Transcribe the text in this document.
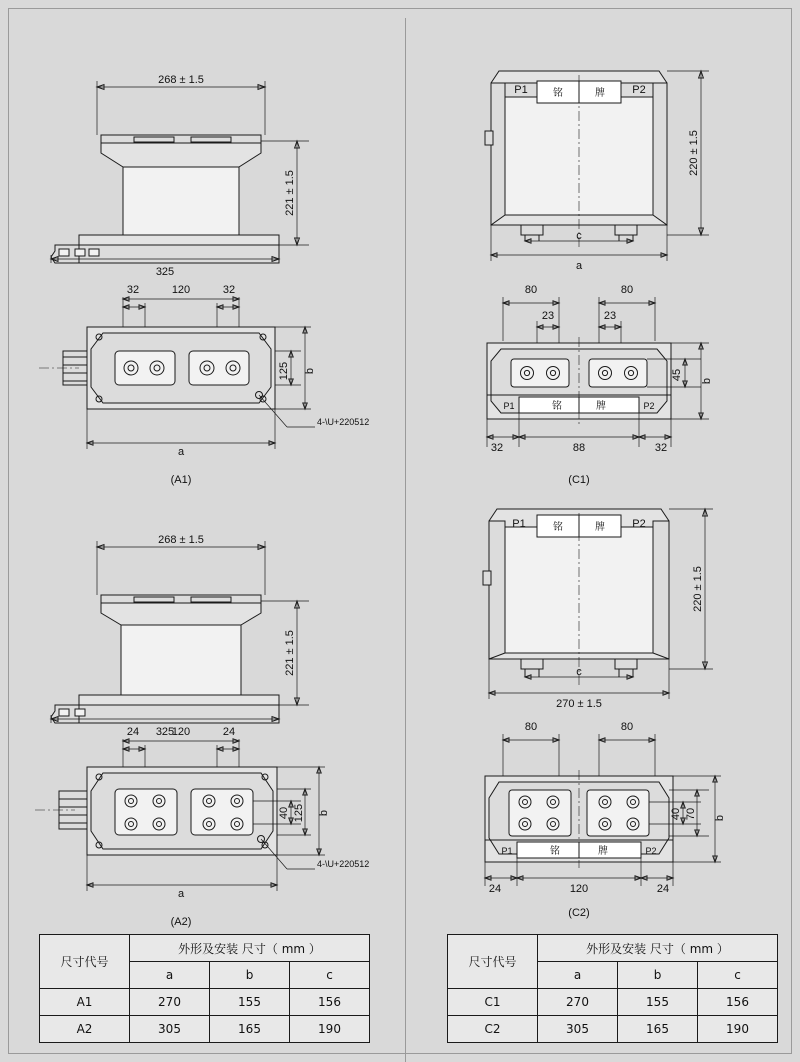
268 ± 1.5
221 ± 1.5
325
32	120	32
125 b
a
4-\U+220512
(A1)
P1	P2
铭	牌
220 ± 1.5
c
a
80	80
23	23
P1	P2
铭	牌
45 b
32	88	32
(C1)
268 ± 1.5
221 ± 1.5
325
24	120	24
40 125 b
a
4-\U+220512
(A2)
P1	P2
铭	牌
220 ± 1.5
c
270 ± 1.5
80	80
P1	P2
铭	牌
40 70 b
24	120	24
(C2)
尺寸代号	外形及安装 尺寸（ mm ）		
	a	b	c
A1	270	155	156
A2	305	165	190
尺寸代号	外形及安装 尺寸（ mm ）		
	a	b	c
C1	270	155	156
C2	305	165	190
